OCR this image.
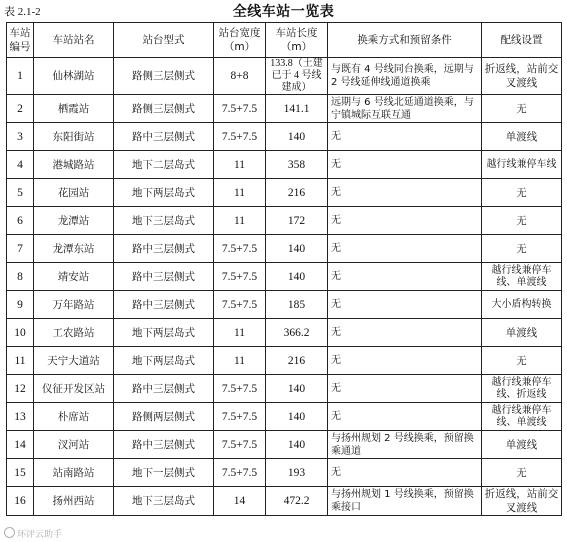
表 2.1-2	全线车站一览表
车站编号	车站站名	站台型式	站台宽度（m）	车站长度（m）	换乘方式和预留条件	配线设置
1	仙林湖站	路侧三层侧式	8+8	133.8（土建已于 4 号线建成）	与既有 4 号线同台换乘，远期与 2 号线延伸线通道换乘	折返线，站前交叉渡线
2	栖霞站	路侧三层侧式	7.5+7.5	141.1	远期与 6 号线北延通道换乘，与宁镇城际互联互通	无
3	东阳街站	路中三层侧式	7.5+7.5	140	无	单渡线
4	港城路站	地下二层岛式	11	358	无	越行线兼停车线
5	花园站	地下两层岛式	11	216	无	无
6	龙潭站	地下三层岛式	11	172	无	无
7	龙潭东站	路中三层侧式	7.5+7.5	140	无	无
8	靖安站	路中三层侧式	7.5+7.5	140	无	越行线兼停车线、单渡线
9	万年路站	路中三层侧式	7.5+7.5	185	无	大小盾构转换
10	工农路站	地下两层岛式	11	366.2	无	单渡线
11	天宁大道站	地下两层岛式	11	216	无	无
12	仪征开发区站	路中三层侧式	7.5+7.5	140	无	越行线兼停车线、折返线
13	朴席站	路侧两层侧式	7.5+7.5	140	无	越行线兼停车线、单渡线
14	汊河站	路中三层侧式	7.5+7.5	140	与扬州规划 2 号线换乘，预留换乘通道	单渡线
15	站南路站	地下一层侧式	7.5+7.5	193	无	无
16	扬州西站	地下三层岛式	14	472.2	与扬州规划 1 号线换乘，预留换乘接口	折返线，站前交叉渡线
环评云助手
